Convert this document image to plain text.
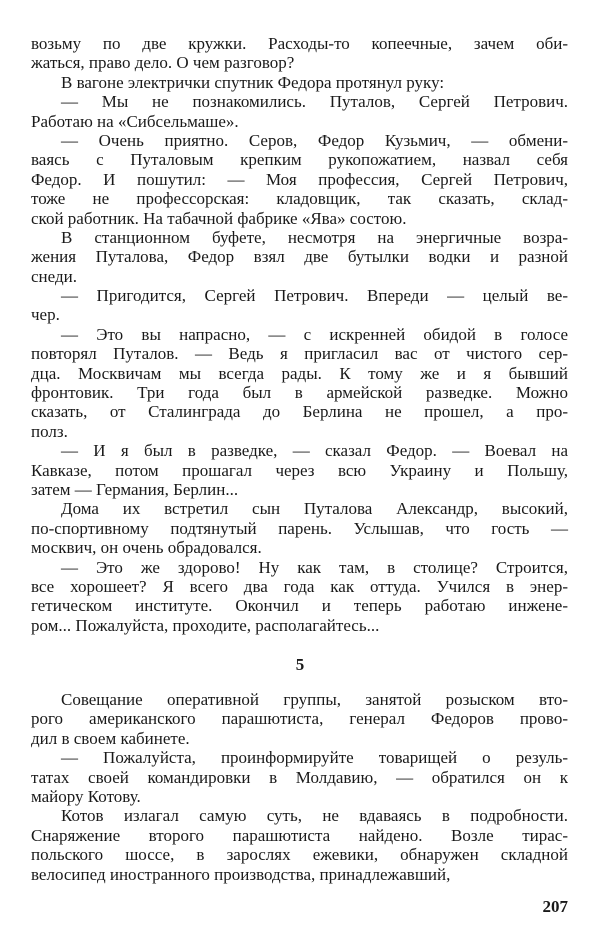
возьму по две кружки. Расходы-то копеечные, зачем оби-
жаться, право дело. О чем разговор?
В вагоне электрички спутник Федора протянул руку:
— Мы не познакомились. Путалов, Сергей Петрович.
Работаю на «Сибсельмаше».
— Очень приятно. Серов, Федор Кузьмич, — обмени-
ваясь с Путаловым крепким рукопожатием, назвал себя
Федор. И пошутил: — Моя профессия, Сергей Петрович,
тоже не профессорская: кладовщик, так сказать, склад-
ской работник. На табачной фабрике «Ява» состою.
В станционном буфете, несмотря на энергичные возра-
жения Путалова, Федор взял две бутылки водки и разной
снеди.
— Пригодится, Сергей Петрович. Впереди — целый ве-
чер.
— Это вы напрасно, — с искренней обидой в голосе
повторял Путалов. — Ведь я пригласил вас от чистого сер-
дца. Москвичам мы всегда рады. К тому же и я бывший
фронтовик. Три года был в армейской разведке. Можно
сказать, от Сталинграда до Берлина не прошел, а про-
полз.
— И я был в разведке, — сказал Федор. — Воевал на
Кавказе, потом прошагал через всю Украину и Польшу,
затем — Германия, Берлин...
Дома их встретил сын Путалова Александр, высокий,
по-спортивному подтянутый парень. Услышав, что гость —
москвич, он очень обрадовался.
— Это же здорово! Ну как там, в столице? Строится,
все хорошеет? Я всего два года как оттуда. Учился в энер-
гетическом институте. Окончил и теперь работаю инжене-
ром... Пожалуйста, проходите, располагайтесь...
5
Совещание оперативной группы, занятой розыском вто-
рого американского парашютиста, генерал Федоров прово-
дил в своем кабинете.
— Пожалуйста, проинформируйте товарищей о резуль-
татах своей командировки в Молдавию, — обратился он к
майору Котову.
Котов излагал самую суть, не вдаваясь в подробности.
Снаряжение второго парашютиста найдено. Возле тирас-
польского шоссе, в зарослях ежевики, обнаружен складной
велосипед иностранного производства, принадлежавший,
207
